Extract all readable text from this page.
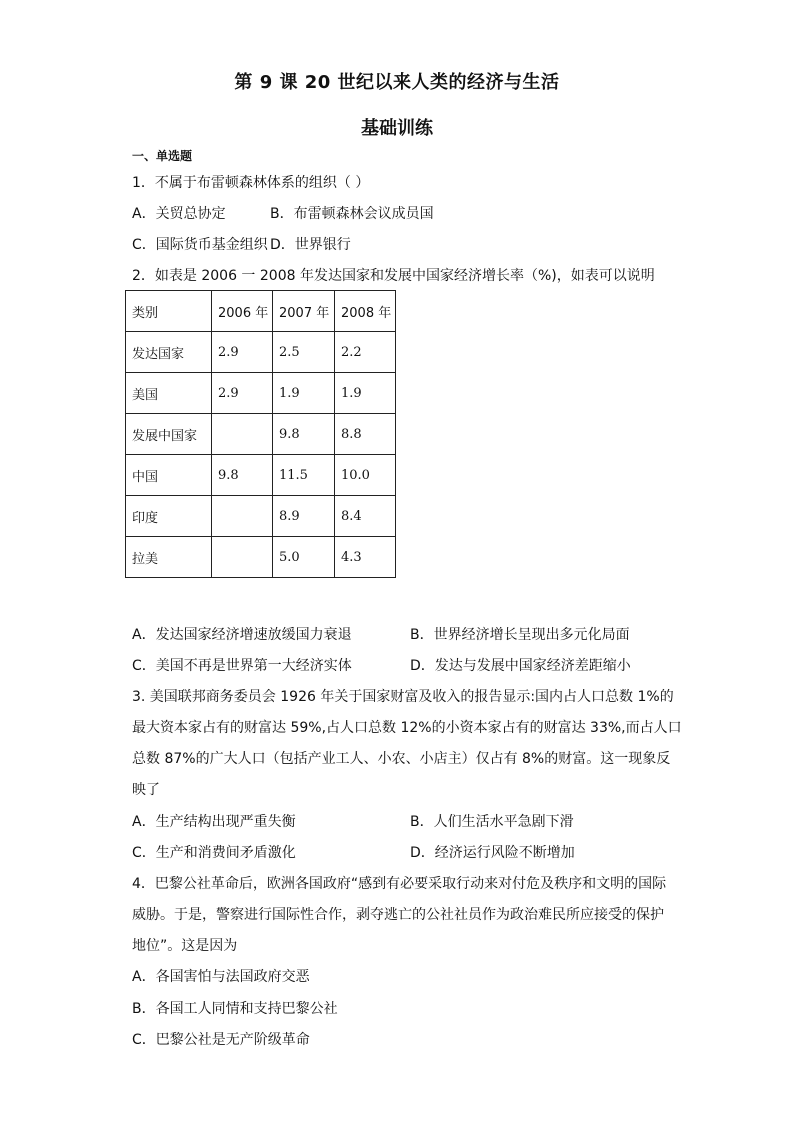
第 9 课 20 世纪以来人类的经济与生活
基础训练
一、单选题
1．不属于布雷顿森林体系的组织（ ）
A．关贸总协定	B．布雷顿森林会议成员国
C．国际货币基金组织 D．世界银行
2．如表是 2006 一 2008 年发达国家和发展中国家经济增长率（%)，如表可以说明
类别	2006 年	2007 年	2008 年
发达国家	2.9	2.5	2.2
美国	2.9	1.9	1.9
发展中国家		9.8	8.8
中国	9.8	11.5	10.0
印度		8.9	8.4
拉美		5.0	4.3
A．发达国家经济增速放缓国力衰退	B．世界经济增长呈现出多元化局面
C．美国不再是世界第一大经济实体	D．发达与发展中国家经济差距缩小
3. 美国联邦商务委员会 1926 年关于国家财富及收入的报告显示:国内占人口总数 1%的
最大资本家占有的财富达 59%,占人口总数 12%的小资本家占有的财富达 33%,而占人口
总数 87%的广大人口（包括产业工人、小农、小店主）仅占有 8%的财富。这一现象反
映了
A．生产结构出现严重失衡	B．人们生活水平急剧下滑
C．生产和消费间矛盾激化	D．经济运行风险不断增加
4．巴黎公社革命后，欧洲各国政府“感到有必要采取行动来对付危及秩序和文明的国际
威胁。于是，警察进行国际性合作，剥夺逃亡的公社社员作为政治难民所应接受的保护
地位”。这是因为
A．各国害怕与法国政府交恶
B．各国工人同情和支持巴黎公社
C．巴黎公社是无产阶级革命
